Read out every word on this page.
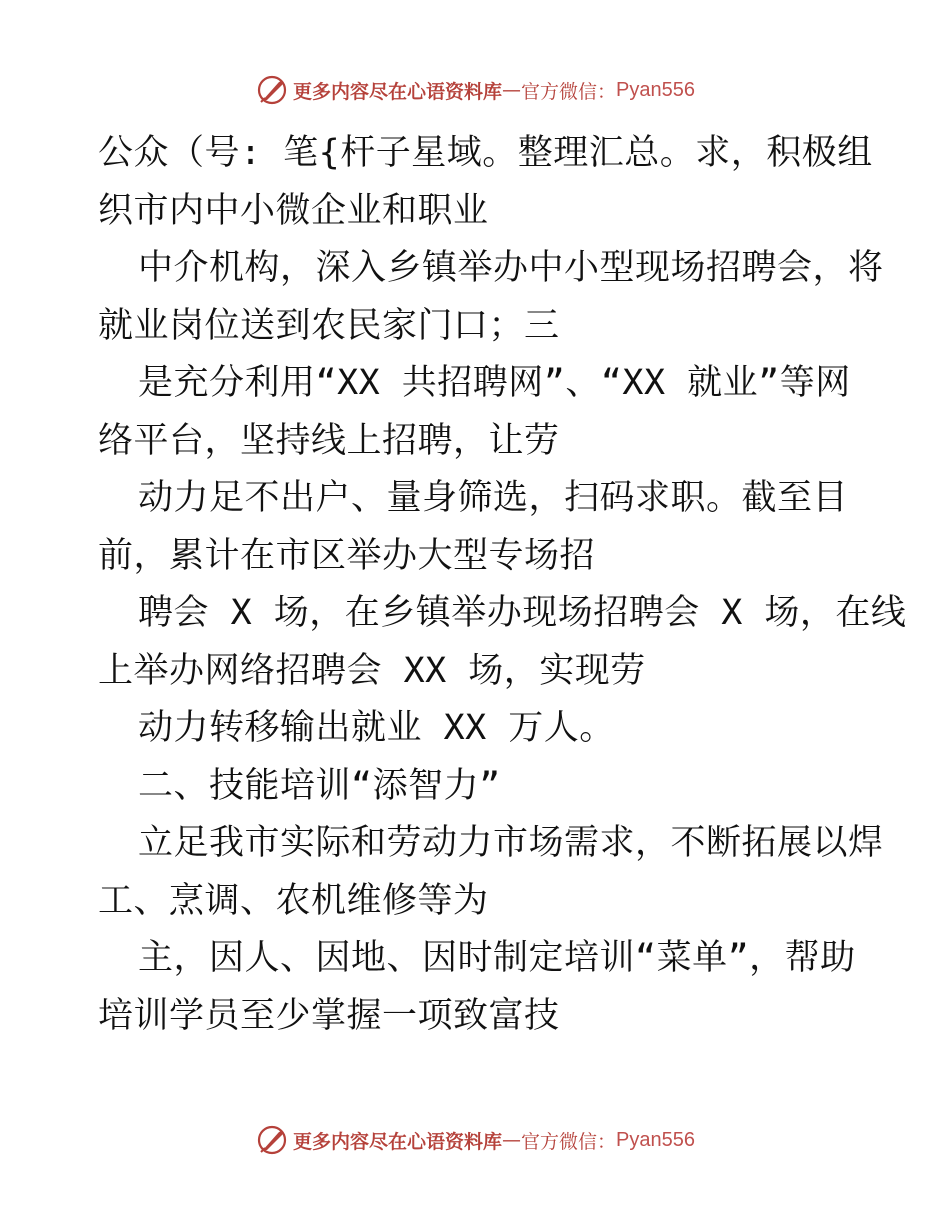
更多内容尽在心语资料库 — 官方微信： Pyan556
公众（号: 笔{杆子星域。整理汇总。求，积极组
织市内中小微企业和职业
中介机构，深入乡镇举办中小型现场招聘会，将
就业岗位送到农民家门口；三
是充分利用“XX 共招聘网”、“XX 就业”等网
络平台，坚持线上招聘，让劳
动力足不出户、量身筛选，扫码求职。截至目
前，累计在市区举办大型专场招
聘会 X 场，在乡镇举办现场招聘会 X 场，在线
上举办网络招聘会 XX 场，实现劳
动力转移输出就业 XX 万人。
二、技能培训“添智力”
立足我市实际和劳动力市场需求，不断拓展以焊
工、烹调、农机维修等为
主，因人、因地、因时制定培训“菜单”，帮助
培训学员至少掌握一项致富技
更多内容尽在心语资料库 — 官方微信： Pyan556
